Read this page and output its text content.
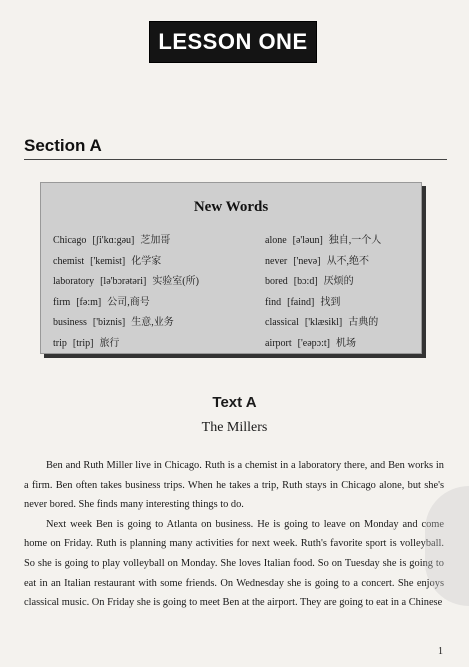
LESSON ONE
Section A
New Words
Chicago [ʃi'kɑ:gəu] 芝加哥
chemist ['kemist] 化学家
laboratory [lə'bɔrətəri] 实验室(所)
firm [fə:m] 公司,商号
business ['biznis] 生意,业务
trip [trip] 旅行
alone [ə'ləun] 独自,一个人
never ['nevə] 从不,绝不
bored [bɔ:d] 厌烦的
find [faind] 找到
classical ['klæsikl] 古典的
airport ['eəpɔ:t] 机场
Text A
The Millers

Ben and Ruth Miller live in Chicago. Ruth is a chemist in a laboratory there, and Ben works in a firm. Ben often takes business trips. When he takes a trip, Ruth stays in Chicago alone, but she's never bored. She finds many interesting things to do.

Next week Ben is going to Atlanta on business. He is going to leave on Monday and come home on Friday. Ruth is planning many activities for next week. Ruth's favorite sport is volleyball. So she is going to play volleyball on Monday. She loves Italian food. So on Tuesday she is going to eat in an Italian restaurant with some friends. On Wednesday she is going to a concert. She enjoys classical music. On Friday she is going to meet Ben at the airport. They are going to eat in a Chinese

1
